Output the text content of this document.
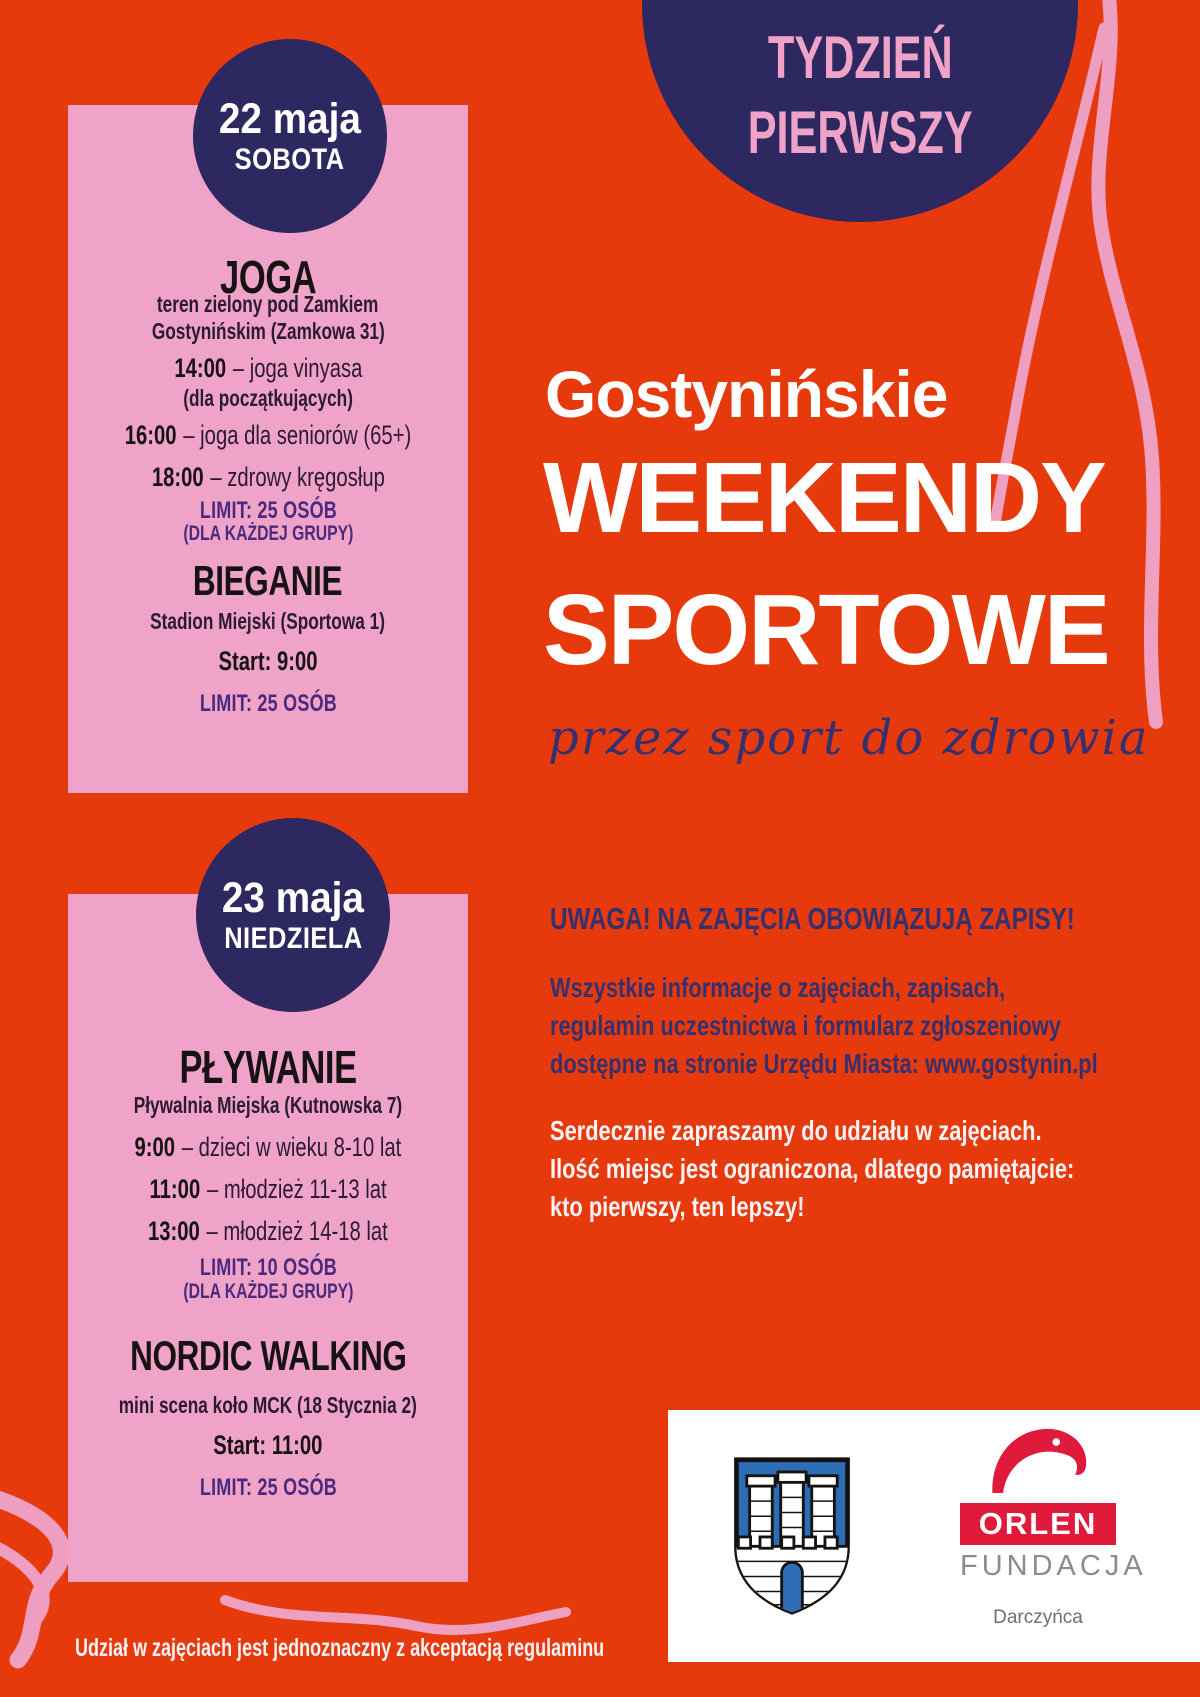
TYDZIEŃ
PIERWSZY
Gostynińskie
WEEKENDY
SPORTOWE
przez sport do zdrowia
JOGA
teren zielony pod Zamkiem
Gostynińskim (Zamkowa 31)
14:00 – joga vinyasa
(dla początkujących)
16:00 – joga dla seniorów (65+)
18:00 – zdrowy kręgosłup
LIMIT: 25 OSÓB
(DLA KAŻDEJ GRUPY)
BIEGANIE
Stadion Miejski (Sportowa 1)
Start: 9:00
LIMIT: 25 OSÓB
22 maja
SOBOTA
PŁYWANIE
Pływalnia Miejska (Kutnowska 7)
9:00 – dzieci w wieku 8-10 lat
11:00 – młodzież 11-13 lat
13:00 – młodzież 14-18 lat
LIMIT: 10 OSÓB
(DLA KAŻDEJ GRUPY)
NORDIC WALKING
mini scena koło MCK (18 Stycznia 2)
Start: 11:00
LIMIT: 25 OSÓB
23 maja
NIEDZIELA
UWAGA! NA ZAJĘCIA OBOWIĄZUJĄ ZAPISY!
Wszystkie informacje o zajęciach, zapisach,
regulamin uczestnictwa i formularz zgłoszeniowy
dostępne na stronie Urzędu Miasta: www.gostynin.pl
Serdecznie zapraszamy do udziału w zajęciach.
Ilość miejsc jest ograniczona, dlatego pamiętajcie:
kto pierwszy, ten lepszy!
ORLEN
FUNDACJA
Darczyńca
Udział w zajęciach jest jednoznaczny z akceptacją regulaminu
